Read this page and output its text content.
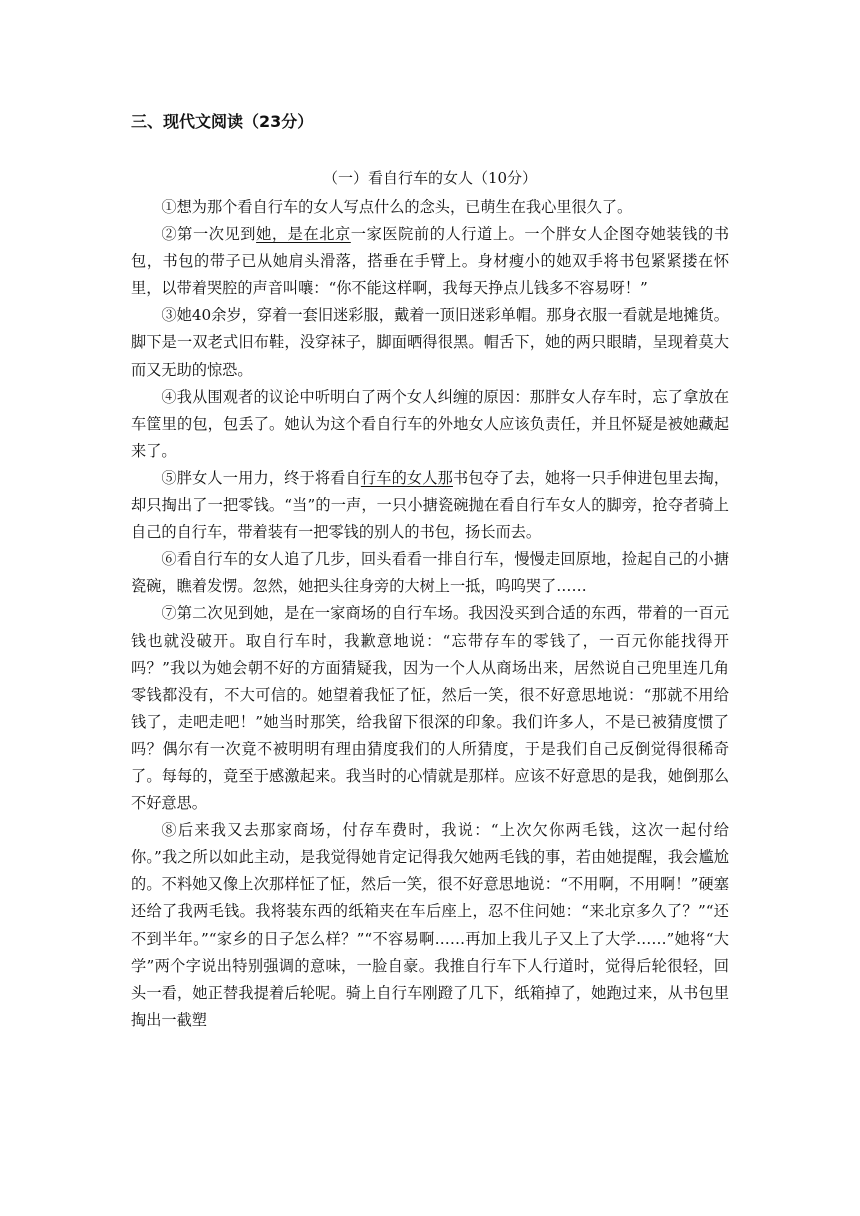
三、现代文阅读（23分）
（一）看自行车的女人（10分）

①想为那个看自行车的女人写点什么的念头，已萌生在我心里很久了。

②第一次见到她，是在北京一家医院前的人行道上。一个胖女人企图夺她装钱的书包，书包的带子已从她肩头滑落，搭垂在手臂上。身材瘦小的她双手将书包紧紧搂在怀里，以带着哭腔的声音叫嚷：“你不能这样啊，我每天挣点儿钱多不容易呀！”

③她40余岁，穿着一套旧迷彩服，戴着一顶旧迷彩单帽。那身衣服一看就是地摊货。脚下是一双老式旧布鞋，没穿袜子，脚面晒得很黑。帽舌下，她的两只眼睛，呈现着莫大而又无助的惊恐。

④我从围观者的议论中听明白了两个女人纠缠的原因：那胖女人存车时，忘了拿放在车筐里的包，包丢了。她认为这个看自行车的外地女人应该负责任，并且怀疑是被她藏起来了。

⑤胖女人一用力，终于将看自行车的女人那书包夺了去，她将一只手伸进包里去掏，却只掏出了一把零钱。“当”的一声，一只小搪瓷碗抛在看自行车女人的脚旁，抢夺者骑上自己的自行车，带着装有一把零钱的别人的书包，扬长而去。

⑥看自行车的女人追了几步，回头看看一排自行车，慢慢走回原地，捡起自己的小搪瓷碗，瞧着发愣。忽然，她把头往身旁的大树上一抵，呜呜哭了……

⑦第二次见到她，是在一家商场的自行车场。我因没买到合适的东西，带着的一百元钱也就没破开。取自行车时，我歉意地说：“忘带存车的零钱了，一百元你能找得开吗？”我以为她会朝不好的方面猜疑我，因为一个人从商场出来，居然说自己兜里连几角零钱都没有，不大可信的。她望着我怔了怔，然后一笑，很不好意思地说：“那就不用给钱了，走吧走吧！”她当时那笑，给我留下很深的印象。我们许多人，不是已被猜度惯了吗？偶尔有一次竟不被明明有理由猜度我们的人所猜度，于是我们自己反倒觉得很稀奇了。每每的，竟至于感激起来。我当时的心情就是那样。应该不好意思的是我，她倒那么不好意思。

⑧后来我又去那家商场，付存车费时，我说：“上次欠你两毛钱，这次一起付给你。”我之所以如此主动，是我觉得她肯定记得我欠她两毛钱的事，若由她提醒，我会尴尬的。不料她又像上次那样怔了怔，然后一笑，很不好意思地说：“不用啊，不用啊！”硬塞还给了我两毛钱。我将装东西的纸箱夹在车后座上，忍不住问她：“来北京多久了？”“还不到半年。”“家乡的日子怎么样？”“不容易啊……再加上我儿子又上了大学……”她将“大学”两个字说出特别强调的意味，一脸自豪。我推自行车下人行道时，觉得后轮很轻，回头一看，她正替我提着后轮呢。骑上自行车刚蹬了几下，纸箱掉了，她跑过来，从书包里掏出一截塑
